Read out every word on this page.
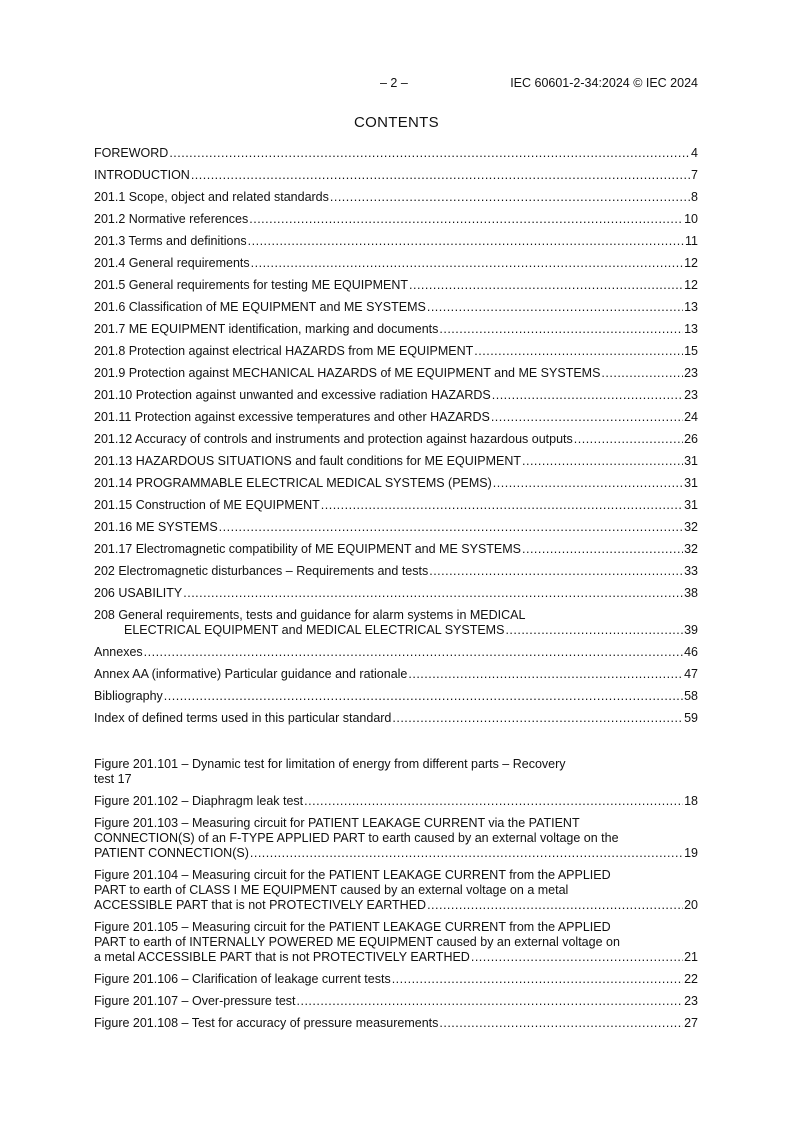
– 2 –	IEC 60601-2-34:2024 © IEC 2024
CONTENTS
FOREWORD .....	4
INTRODUCTION .....	7
201.1 Scope, object and related standards .....	8
201.2 Normative references .....	10
201.3 Terms and definitions .....	11
201.4 General requirements .....	12
201.5 General requirements for testing ME EQUIPMENT .....	12
201.6 Classification of ME EQUIPMENT and ME SYSTEMS .....	13
201.7 ME EQUIPMENT identification, marking and documents .....	13
201.8 Protection against electrical HAZARDS from ME EQUIPMENT .....	15
201.9 Protection against MECHANICAL HAZARDS of ME EQUIPMENT and ME SYSTEMS .....	23
201.10 Protection against unwanted and excessive radiation HAZARDS .....	23
201.11 Protection against excessive temperatures and other HAZARDS .....	24
201.12 Accuracy of controls and instruments and protection against hazardous outputs .....	26
201.13 HAZARDOUS SITUATIONS and fault conditions for ME EQUIPMENT .....	31
201.14 PROGRAMMABLE ELECTRICAL MEDICAL SYSTEMS (PEMS) .....	31
201.15 Construction of ME EQUIPMENT .....	31
201.16 ME SYSTEMS .....	32
201.17 Electromagnetic compatibility of ME EQUIPMENT and ME SYSTEMS .....	32
202 Electromagnetic disturbances – Requirements and tests .....	33
206 USABILITY .....	38
208 General requirements, tests and guidance for alarm systems in MEDICAL
ELECTRICAL EQUIPMENT and MEDICAL ELECTRICAL SYSTEMS .....	39
Annexes .....	46
Annex AA (informative) Particular guidance and rationale .....	47
Bibliography .....	58
Index of defined terms used in this particular standard .....	59
Figure 201.101 – Dynamic test for limitation of energy from different parts – Recovery
test 17
Figure 201.102 – Diaphragm leak test .....	18
Figure 201.103 – Measuring circuit for PATIENT LEAKAGE CURRENT via the PATIENT
CONNECTION(S) of an F-TYPE APPLIED PART to earth caused by an external voltage on the
PATIENT CONNECTION(S) .....	19
Figure 201.104 – Measuring circuit for the PATIENT LEAKAGE CURRENT from the APPLIED
PART to earth of CLASS I ME EQUIPMENT caused by an external voltage on a metal
ACCESSIBLE PART that is not PROTECTIVELY EARTHED .....	20
Figure 201.105 – Measuring circuit for the PATIENT LEAKAGE CURRENT from the APPLIED
PART to earth of INTERNALLY POWERED ME EQUIPMENT caused by an external voltage on
a metal ACCESSIBLE PART that is not PROTECTIVELY EARTHED .....	21
Figure 201.106 – Clarification of leakage current tests .....	22
Figure 201.107 – Over-pressure test .....	23
Figure 201.108 – Test for accuracy of pressure measurements .....	27
